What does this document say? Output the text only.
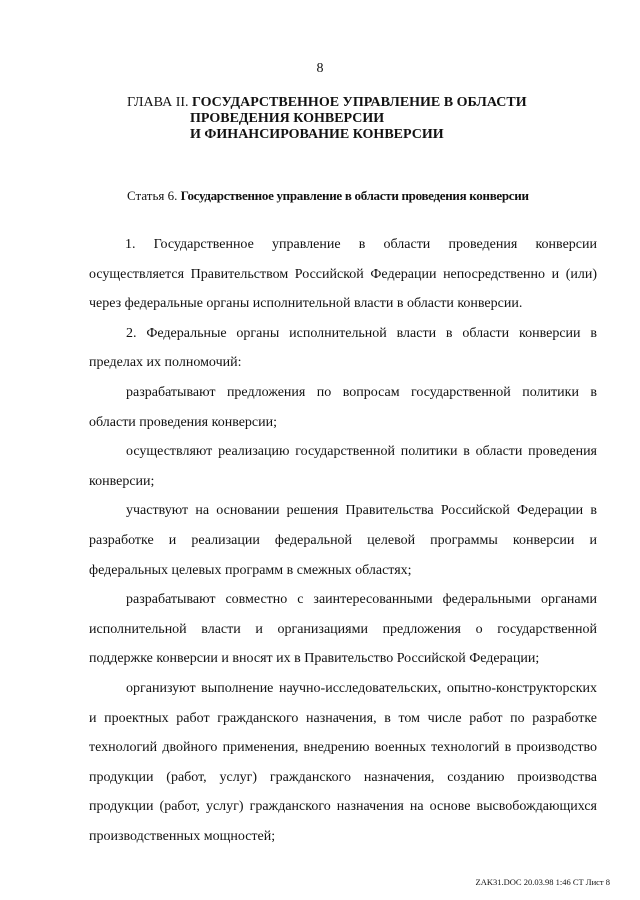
8
ГЛАВА II. ГОСУДАРСТВЕННОЕ УПРАВЛЕНИЕ В ОБЛАСТИ
ПРОВЕДЕНИЯ КОНВЕРСИИ
И ФИНАНСИРОВАНИЕ КОНВЕРСИИ
Статья 6. Государственное управление в области проведения конверсии

1. Государственное управление в области проведения конверсии осуществляется Правительством Российской Федерации непосредственно и (или) через федеральные органы исполнительной власти в области конверсии.

2. Федеральные органы исполнительной власти в области конверсии в пределах их полномочий:

разрабатывают предложения по вопросам государственной политики в области проведения конверсии;

осуществляют реализацию государственной политики в области проведения конверсии;

участвуют на основании решения Правительства Российской Федерации в разработке и реализации федеральной целевой программы конверсии и федеральных целевых программ в смежных областях;

разрабатывают совместно с заинтересованными федеральными органами исполнительной власти и организациями предложения о государственной поддержке конверсии и вносят их в Правительство Российской Федерации;

организуют выполнение научно-исследовательских, опытно-конструкторских и проектных работ гражданского назначения, в том числе работ по разработке технологий двойного применения, внедрению военных технологий в производство продукции (работ, услуг) гражданского назначения, созданию производства продукции (работ, услуг) гражданского назначения на основе высвобождающихся производственных мощностей;

ZAK31.DOC 20.03.98 1:46 СТ Лист 8
